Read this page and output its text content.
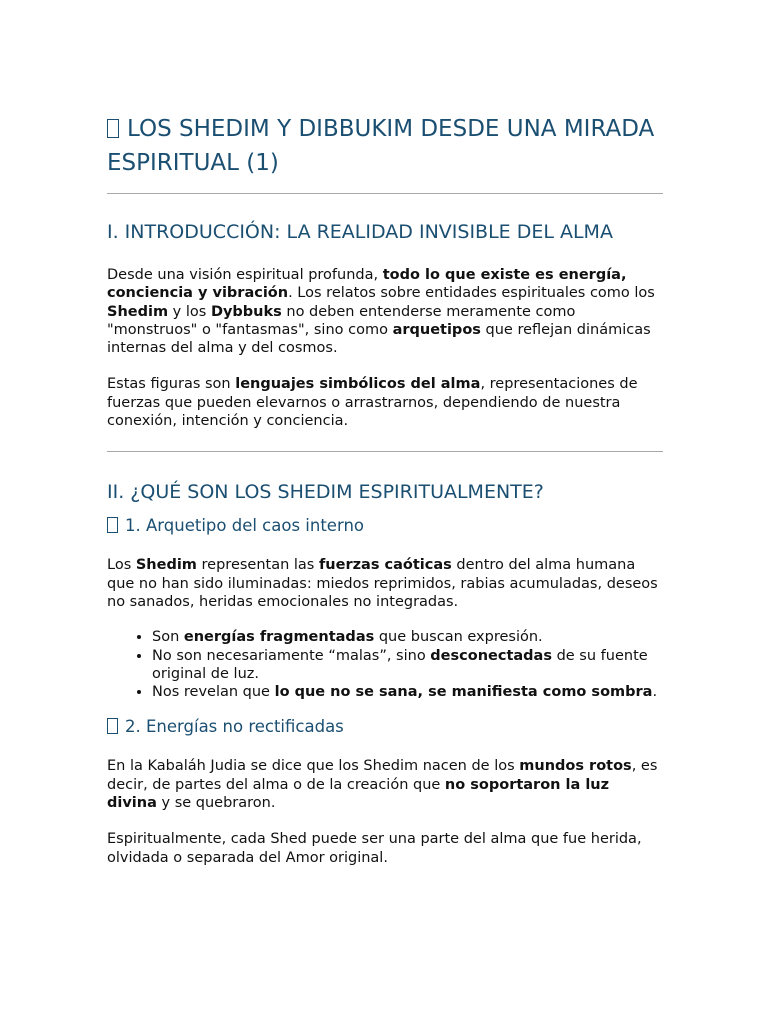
LOS SHEDIM Y DIBBUKIM DESDE UNA MIRADA ESPIRITUAL (1)
I. INTRODUCCIÓN: LA REALIDAD INVISIBLE DEL ALMA

Desde una visión espiritual profunda, todo lo que existe es energía, conciencia y vibración. Los relatos sobre entidades espirituales como los Shedim y los Dybbuks no deben entenderse meramente como "monstruos" o "fantasmas", sino como arquetipos que reflejan dinámicas internas del alma y del cosmos.

Estas figuras son lenguajes simbólicos del alma, representaciones de fuerzas que pueden elevarnos o arrastrarnos, dependiendo de nuestra conexión, intención y conciencia.

II. ¿QUÉ SON LOS SHEDIM ESPIRITUALMENTE?
1. Arquetipo del caos interno

Los Shedim representan las fuerzas caóticas dentro del alma humana que no han sido iluminadas: miedos reprimidos, rabias acumuladas, deseos no sanados, heridas emocionales no integradas.

• Son energías fragmentadas que buscan expresión.
• No son necesariamente “malas”, sino desconectadas de su fuente original de luz.
• Nos revelan que lo que no se sana, se manifiesta como sombra.
2. Energías no rectificadas

En la Kabaláh Judia se dice que los Shedim nacen de los mundos rotos, es decir, de partes del alma o de la creación que no soportaron la luz divina y se quebraron.

Espiritualmente, cada Shed puede ser una parte del alma que fue herida, olvidada o separada del Amor original.
